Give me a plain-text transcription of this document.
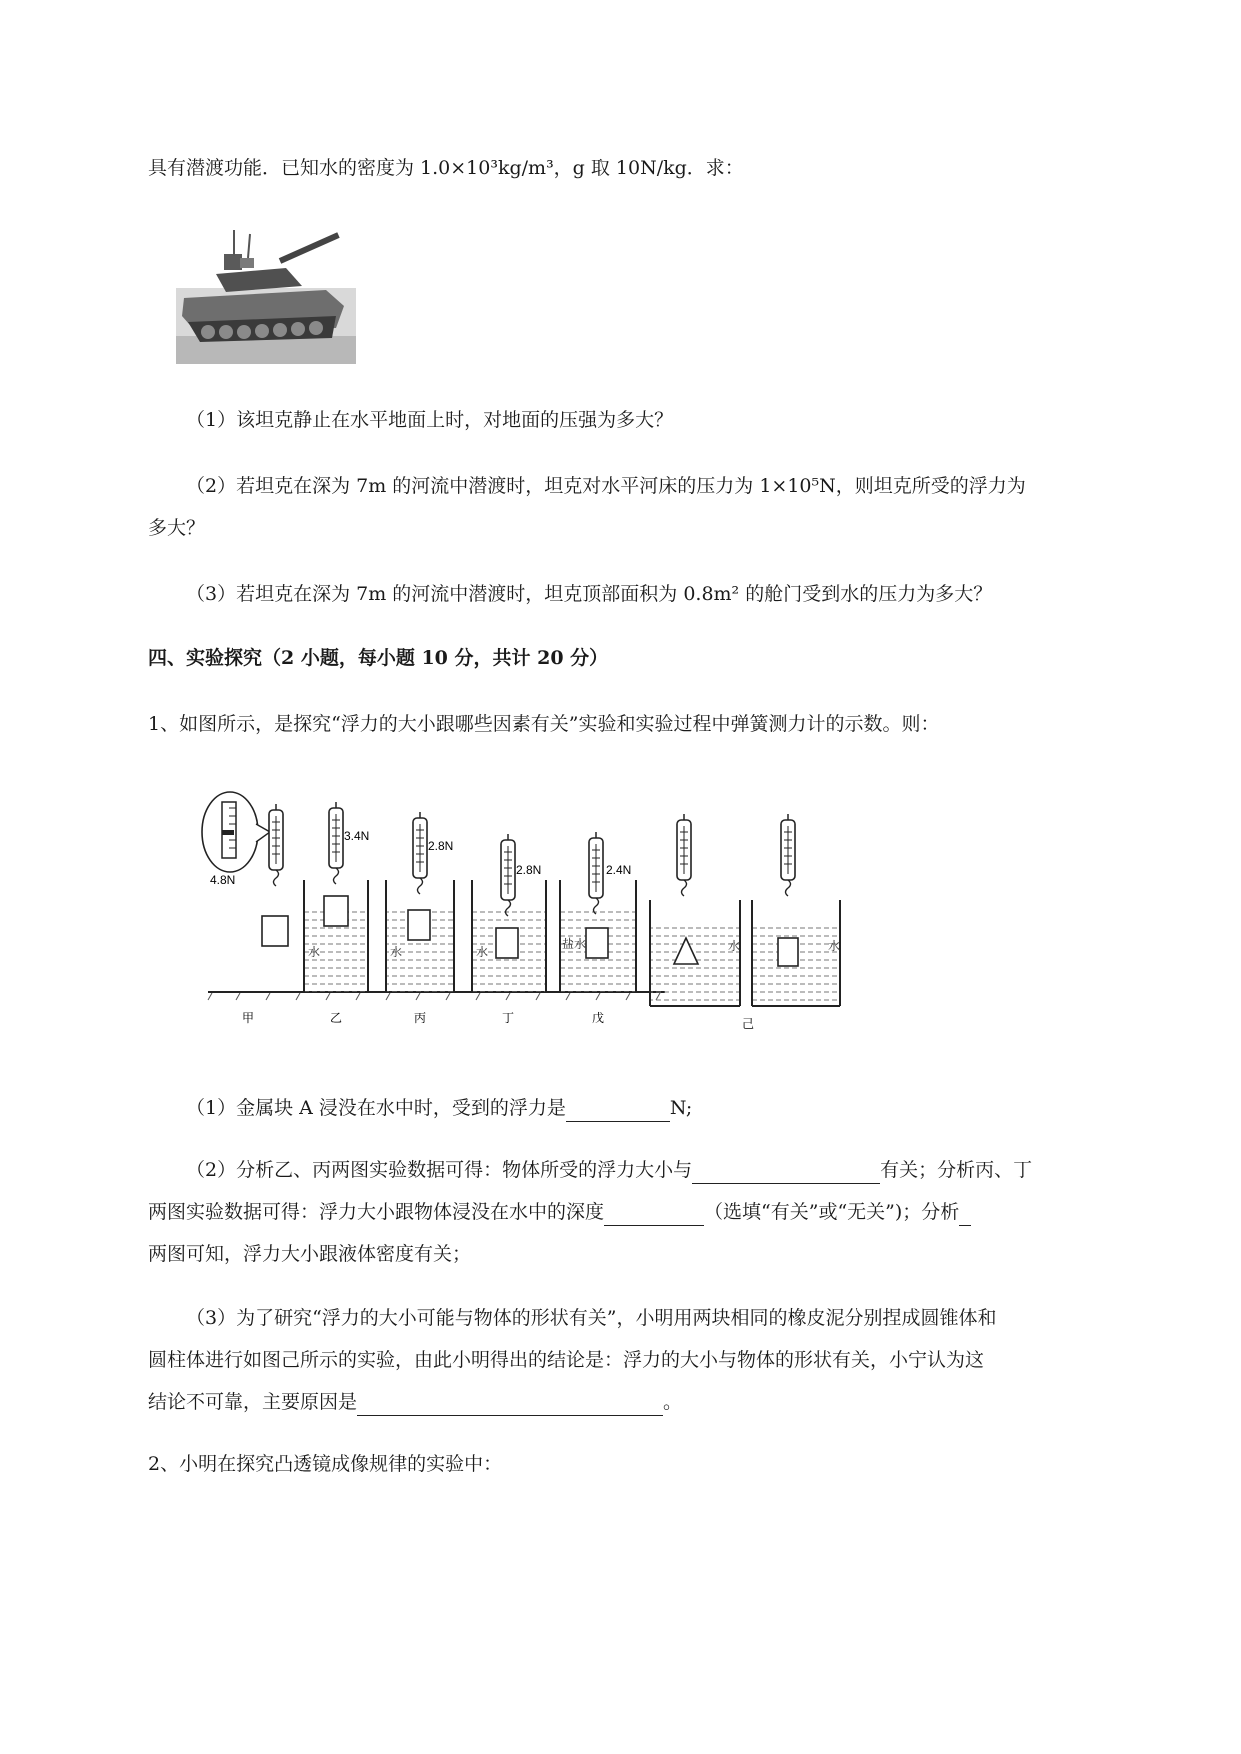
具有潜渡功能．已知水的密度为 1.0×10³kg/m³，g 取 10N/kg．求：
（1）该坦克静止在水平地面上时，对地面的压强为多大？
（2）若坦克在深为 7m 的河流中潜渡时，坦克对水平河床的压力为 1×10⁵N，则坦克所受的浮力为
多大？
（3）若坦克在深为 7m 的河流中潜渡时，坦克顶部面积为 0.8m² 的舱门受到水的压力为多大？
四、实验探究（2 小题，每小题 10 分，共计 20 分）
1、如图所示，是探究“浮力的大小跟哪些因素有关”实验和实验过程中弹簧测力计的示数。则：
4.8N
3.4N
水
2.8N
水
2.8N
水
2.4N
盐水	水	水
甲	乙	丙	丁	戊	己
（1）金属块 A 浸没在水中时，受到的浮力是	N;
（2）分析乙、丙两图实验数据可得：物体所受的浮力大小与	有关；分析丙、丁
两图实验数据可得：浮力大小跟物体浸没在水中的深度	（选填“有关”或“无关”)；分析
两图可知，浮力大小跟液体密度有关；
（3）为了研究“浮力的大小可能与物体的形状有关”，小明用两块相同的橡皮泥分别捏成圆锥体和
圆柱体进行如图己所示的实验，由此小明得出的结论是：浮力的大小与物体的形状有关，小宁认为这
结论不可靠，主要原因是	。
2、小明在探究凸透镜成像规律的实验中：
